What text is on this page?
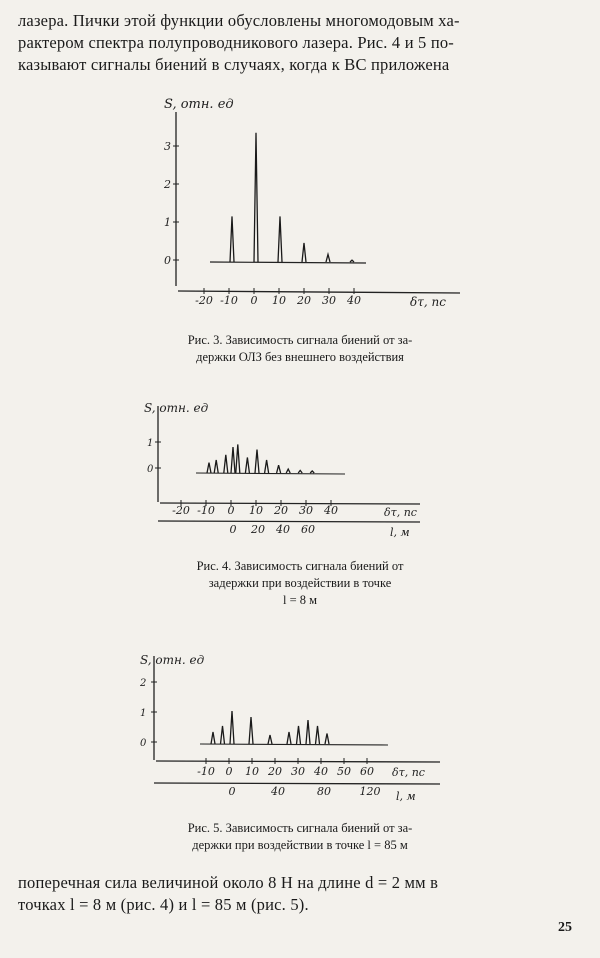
лазера. Пички этой функции обусловлены многомодовым ха-
рактером спектра полупроводникового лазера. Рис. 4 и 5 по-
казывают сигналы биений в случаях, когда к ВС приложена
S, отн. ед
0
1
2
3
-20 -10 0 10 20 30 40	δτ, пс
Рис. 3. Зависимость сигнала биений от за-
держки ОЛЗ без внешнего воздействия
S, отн. ед
0
1
-20 -10 0 10 20 30 40	δτ, пс
0 20 40 60	l, м
Рис. 4. Зависимость сигнала биений от
задержки при воздействии в точке
l = 8 м
S, отн. ед
0
1
2
-10 0 10 20 30 40 50 60 δτ, пс
0	40	80	120 l, м
Рис. 5. Зависимость сигнала биений от за-
держки при воздействии в точке l = 85 м
поперечная сила величиной около 8 Н на длине d = 2 мм в
точках l = 8 м (рис. 4) и l = 85 м (рис. 5).
25
